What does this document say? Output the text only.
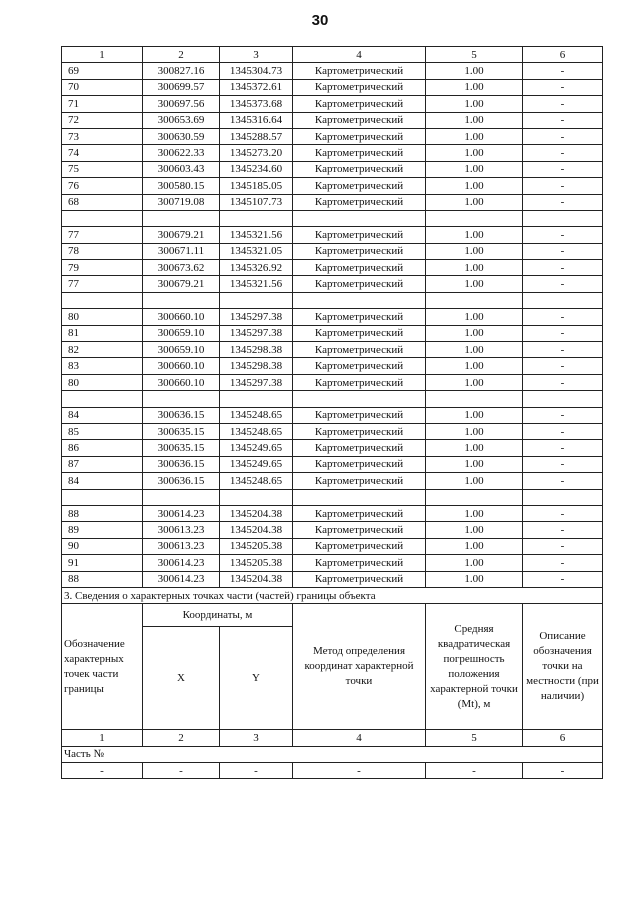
30
1	2	3	4	5	6
69	300827.16	1345304.73	Картометрический	1.00	-
70	300699.57	1345372.61	Картометрический	1.00	-
71	300697.56	1345373.68	Картометрический	1.00	-
72	300653.69	1345316.64	Картометрический	1.00	-
73	300630.59	1345288.57	Картометрический	1.00	-
74	300622.33	1345273.20	Картометрический	1.00	-
75	300603.43	1345234.60	Картометрический	1.00	-
76	300580.15	1345185.05	Картометрический	1.00	-
68	300719.08	1345107.73	Картометрический	1.00	-

77	300679.21	1345321.56	Картометрический	1.00	-
78	300671.11	1345321.05	Картометрический	1.00	-
79	300673.62	1345326.92	Картометрический	1.00	-
77	300679.21	1345321.56	Картометрический	1.00	-

80	300660.10	1345297.38	Картометрический	1.00	-
81	300659.10	1345297.38	Картометрический	1.00	-
82	300659.10	1345298.38	Картометрический	1.00	-
83	300660.10	1345298.38	Картометрический	1.00	-
80	300660.10	1345297.38	Картометрический	1.00	-

84	300636.15	1345248.65	Картометрический	1.00	-
85	300635.15	1345248.65	Картометрический	1.00	-
86	300635.15	1345249.65	Картометрический	1.00	-
87	300636.15	1345249.65	Картометрический	1.00	-
84	300636.15	1345248.65	Картометрический	1.00	-

88	300614.23	1345204.38	Картометрический	1.00	-
89	300613.23	1345204.38	Картометрический	1.00	-
90	300613.23	1345205.38	Картометрический	1.00	-
91	300614.23	1345205.38	Картометрический	1.00	-
88	300614.23	1345204.38	Картометрический	1.00	-
3. Сведения о характерных точках части (частей) границы объекта					
Обозначение характерных точек части границы	Координаты, м		Метод определения координат характерной точки	Средняя квадратическая погрешность положения характерной точки (Mt), м	Описание обозначения точки на местности (при наличии)
	X	Y			
1	2	3	4	5	6
Часть №					
-	-	-	-	-	-
